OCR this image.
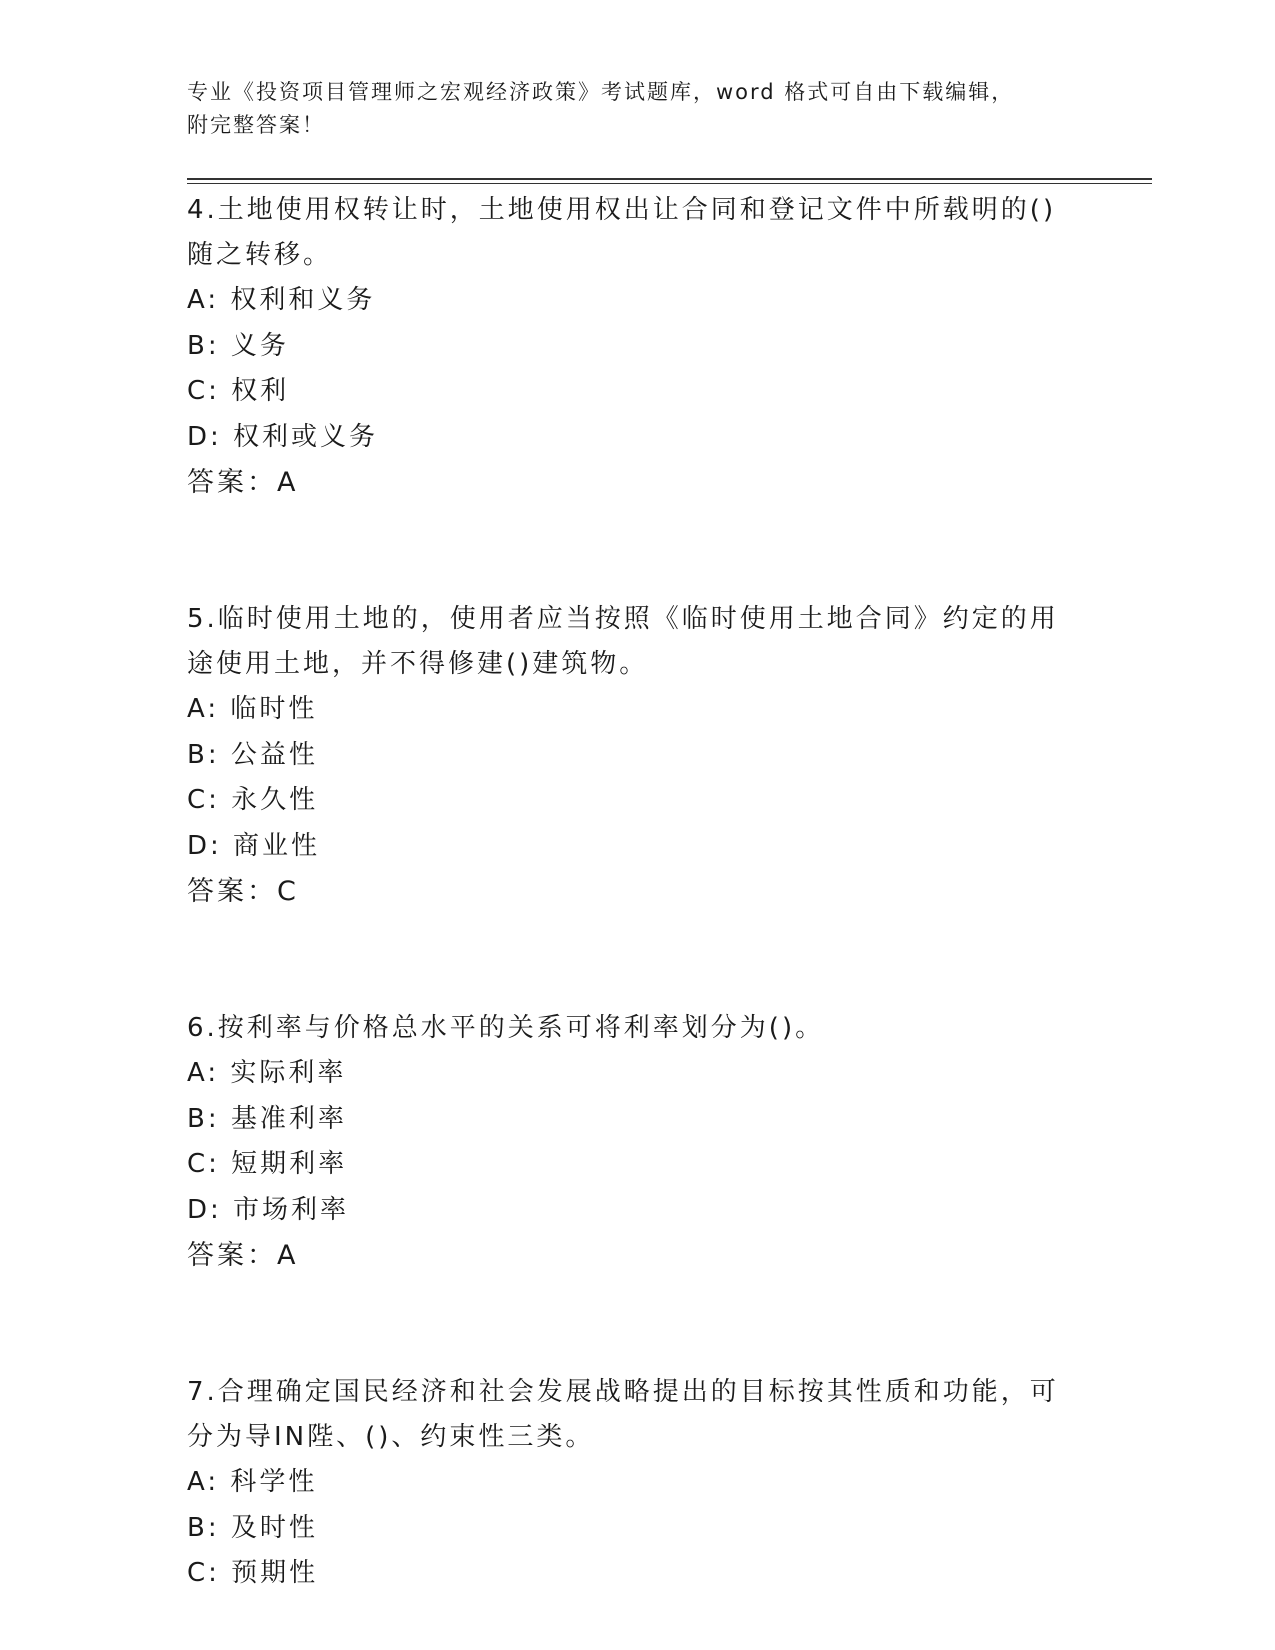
专业《投资项目管理师之宏观经济政策》考试题库，word 格式可自由下载编辑，
附完整答案！

4.土地使用权转让时，土地使用权出让合同和登记文件中所载明的()随之转移。

A: 权利和义务

B: 义务

C: 权利

D: 权利或义务

答案：A

5.临时使用土地的，使用者应当按照《临时使用土地合同》约定的用途使用土地，并不得修建()建筑物。

A: 临时性

B: 公益性

C: 永久性

D: 商业性

答案：C

6.按利率与价格总水平的关系可将利率划分为()。

A: 实际利率

B: 基准利率

C: 短期利率

D: 市场利率

答案：A

7.合理确定国民经济和社会发展战略提出的目标按其性质和功能，可分为导IN陛、()、约束性三类。

A: 科学性

B: 及时性

C: 预期性
